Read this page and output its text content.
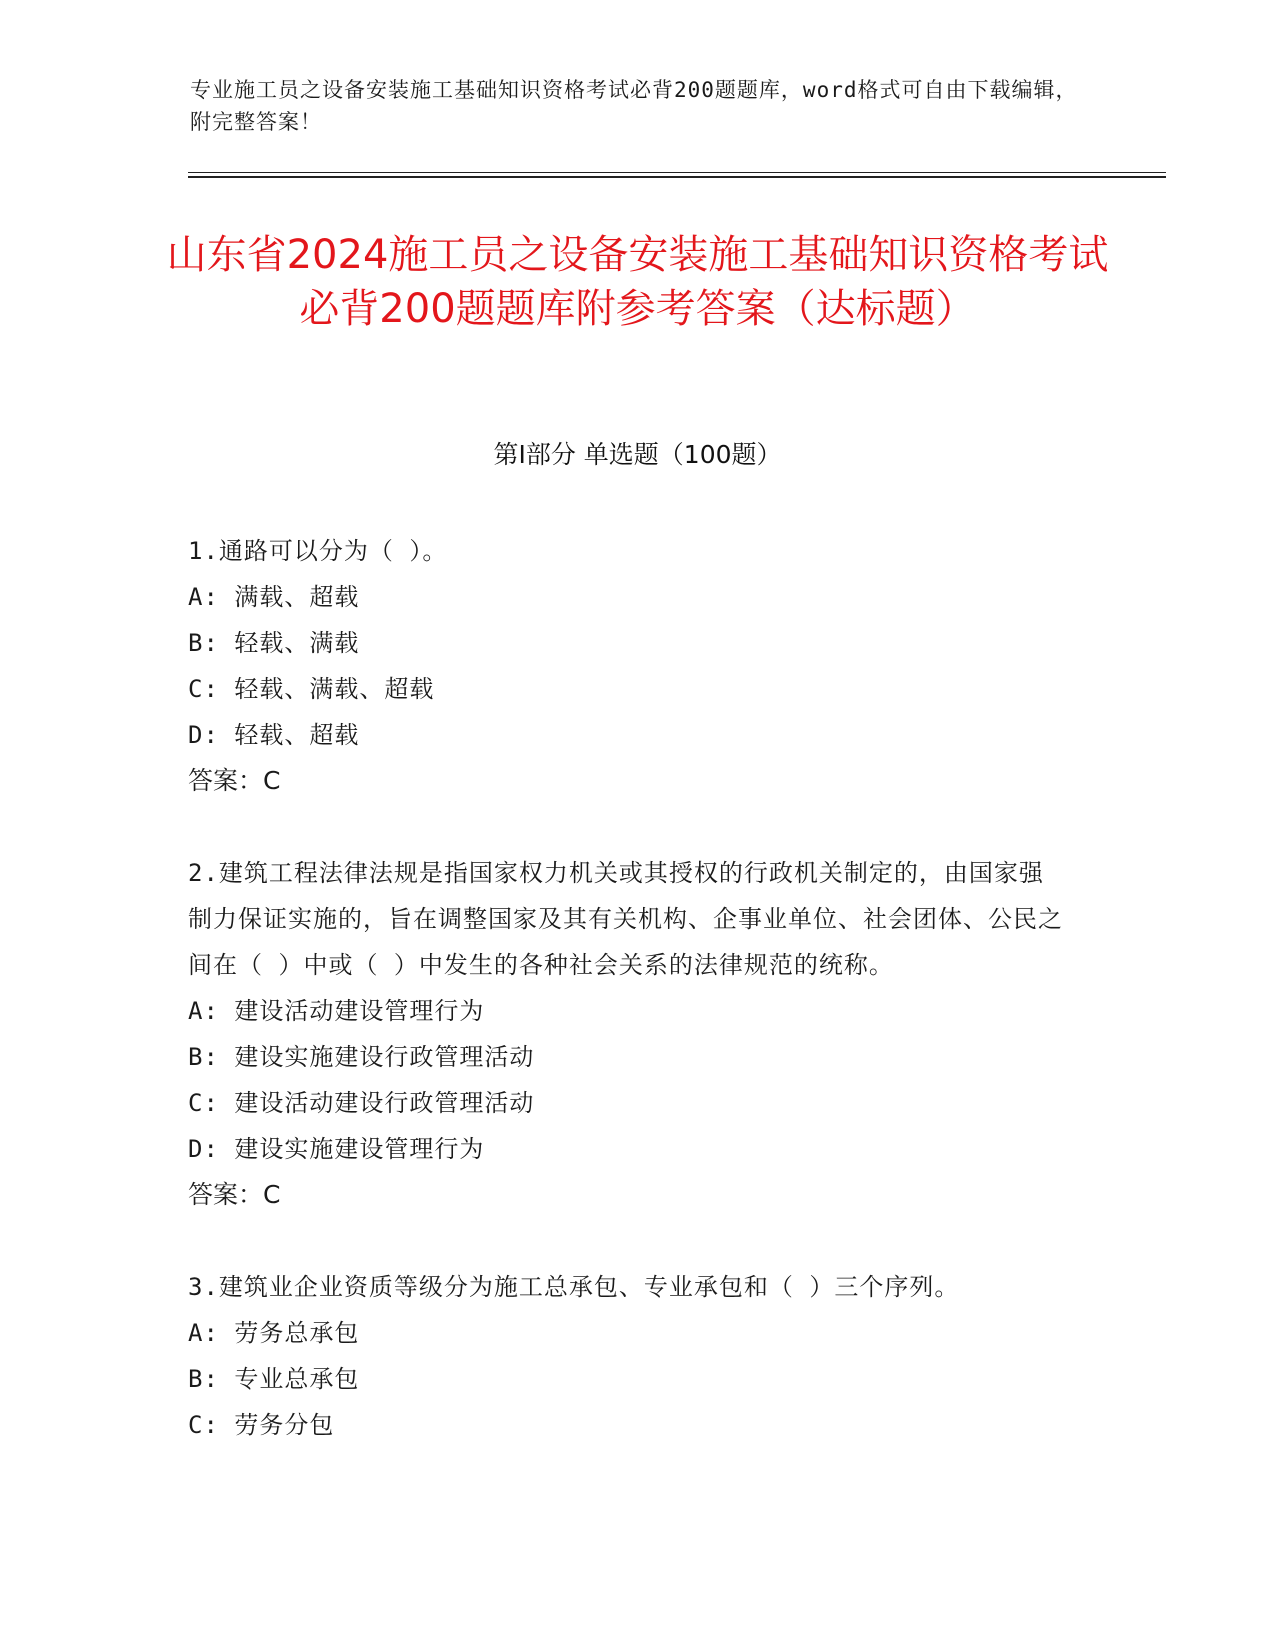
专业施工员之设备安装施工基础知识资格考试必背200题题库，word格式可自由下载编辑，附完整答案！
山东省2024施工员之设备安装施工基础知识资格考试必背200题题库附参考答案（达标题）
第Ⅰ部分 单选题（100题）
1.通路可以分为（ ）。
A: 满载、超载
B: 轻载、满载
C: 轻载、满载、超载
D: 轻载、超载
答案：C
2.建筑工程法律法规是指国家权力机关或其授权的行政机关制定的，由国家强制力保证实施的，旨在调整国家及其有关机构、企事业单位、社会团体、公民之间在（ ）中或（ ）中发生的各种社会关系的法律规范的统称。
A: 建设活动建设管理行为
B: 建设实施建设行政管理活动
C: 建设活动建设行政管理活动
D: 建设实施建设管理行为
答案：C
3.建筑业企业资质等级分为施工总承包、专业承包和（ ）三个序列。
A: 劳务总承包
B: 专业总承包
C: 劳务分包
